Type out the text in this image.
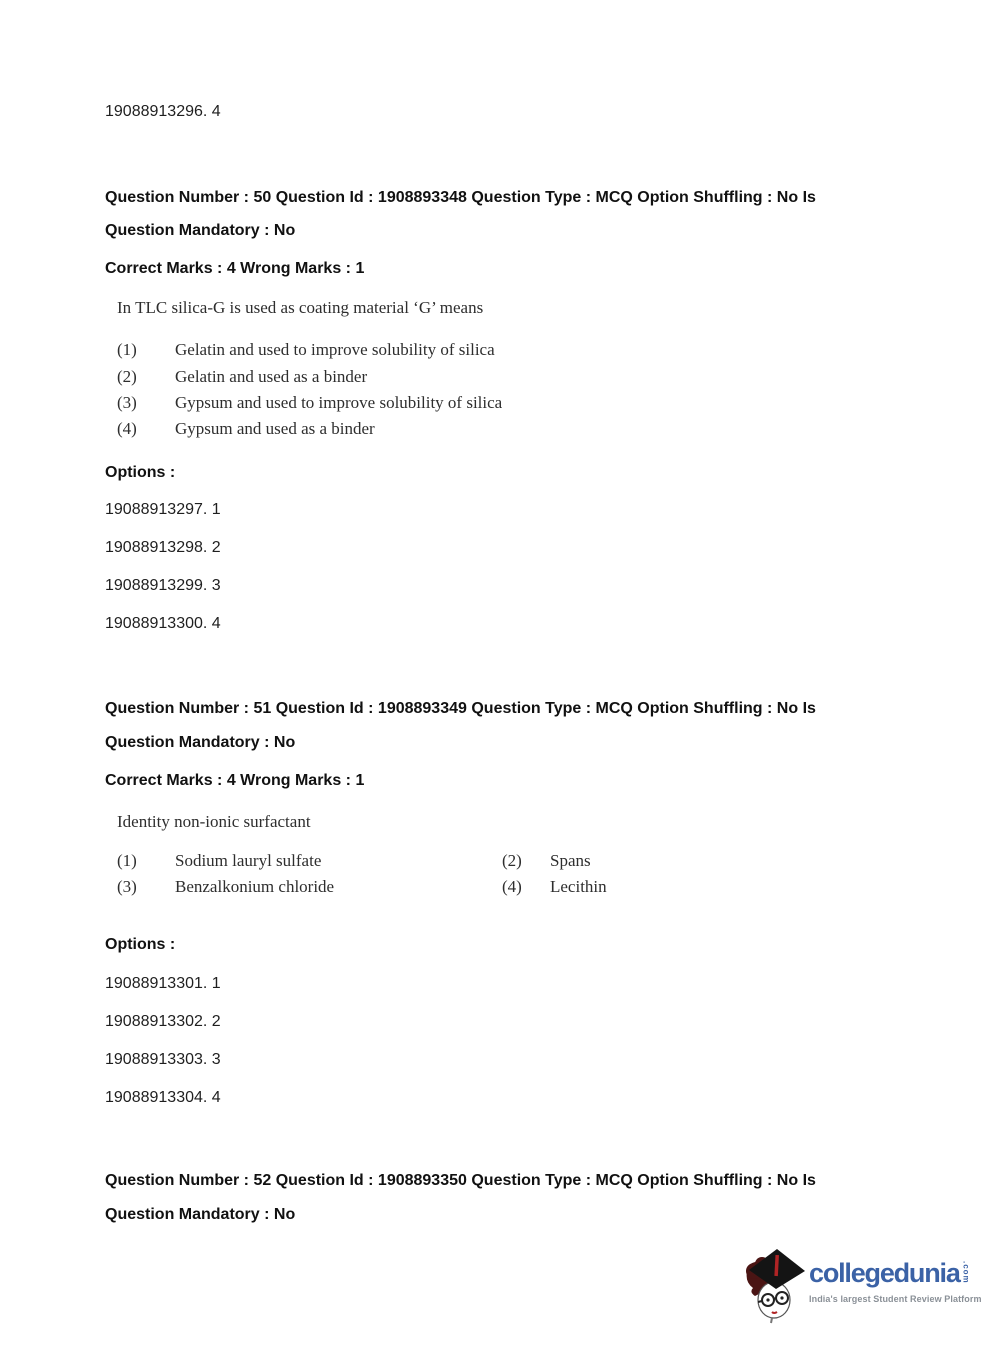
19088913296. 4
Question Number : 50 Question Id : 1908893348 Question Type : MCQ Option Shuffling : No Is
Question Mandatory : No
Correct Marks : 4 Wrong Marks : 1
In TLC silica-G is used as coating material ‘G’ means
(1)	Gelatin and used to improve solubility of silica
(2)	Gelatin and used as a binder
(3)	Gypsum and used to improve solubility of silica
(4)	Gypsum and used as a binder
Options :
19088913297. 1
19088913298. 2
19088913299. 3
19088913300. 4
Question Number : 51 Question Id : 1908893349 Question Type : MCQ Option Shuffling : No Is
Question Mandatory : No
Correct Marks : 4 Wrong Marks : 1
Identity non-ionic surfactant
(1)	Sodium lauryl sulfate	(2)	Spans
(3)	Benzalkonium chloride	(4)	Lecithin
Options :
19088913301. 1
19088913302. 2
19088913303. 3
19088913304. 4
Question Number : 52 Question Id : 1908893350 Question Type : MCQ Option Shuffling : No Is
Question Mandatory : No
collegedunia .com
India's largest Student Review Platform
